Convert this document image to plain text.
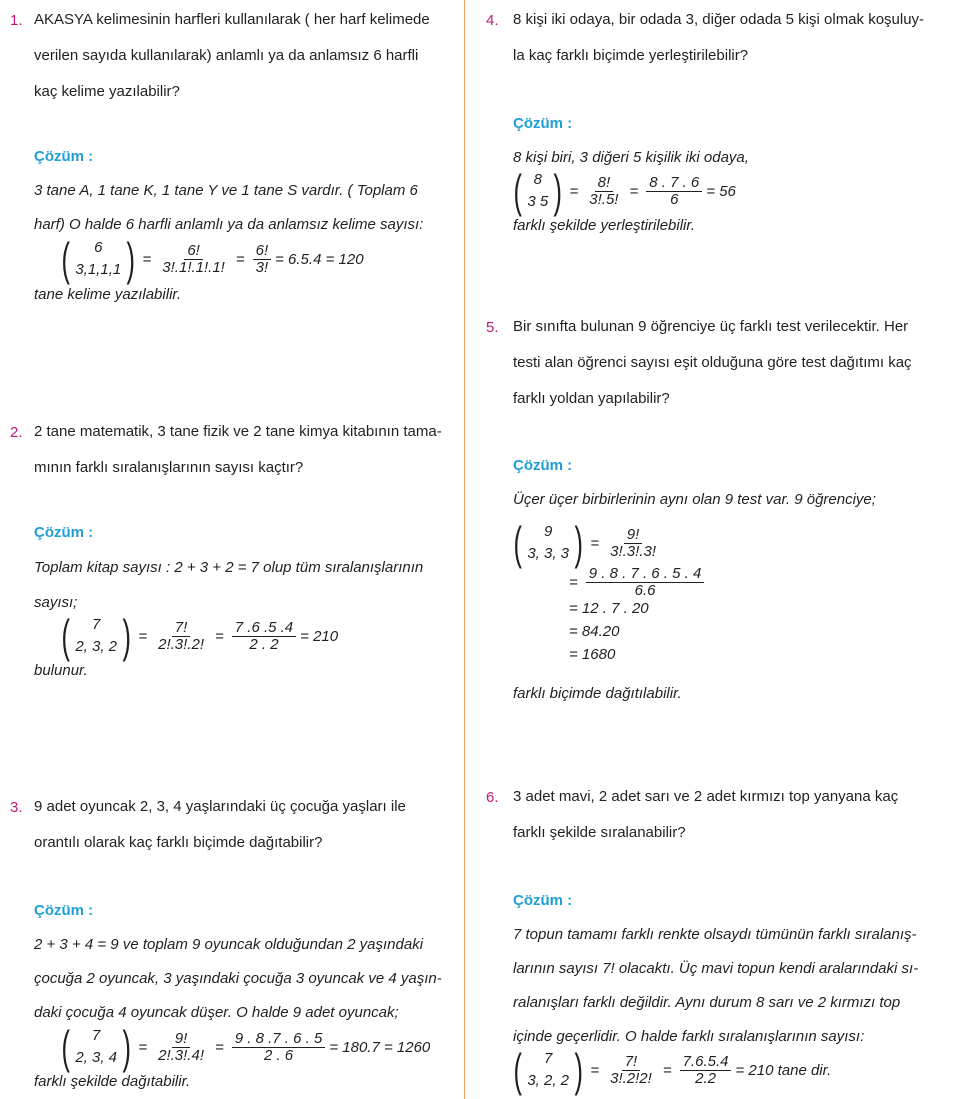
1. AKASYA kelimesinin harfleri kullanılarak ( her harf kelimede
verilen sayıda kullanılarak) anlamlı ya da anlamsız 6 harfli
kaç kelime yazılabilir?
Çözüm :
3 tane A, 1 tane K, 1 tane Y ve 1 tane S vardır. ( Toplam 6
harf) O halde 6 harfli anlamlı ya da anlamsız kelime sayısı:
( 6
3,1,1,1 ) = $\frac{6!}{3!.1!.1!.1!} = \frac{6!}{3!} = 6.5.4 = 120$
tane kelime yazılabilir.
2. 2 tane matematik, 3 tane fizik ve 2 tane kimya kitabının tama-
mının farklı sıralanışlarının sayısı kaçtır?
Çözüm :
Toplam kitap sayısı : 2 + 3 + 2 = 7 olup tüm sıralanışlarının
sayısı;
( 7
2, 3, 2 ) = $\frac{7!}{2!.3!.2!} = \frac{7 .6 .5 .4}{2 . 2} = 210$
bulunur.
3. 9 adet oyuncak 2, 3, 4 yaşlarındaki üç çocuğa yaşları ile
orantılı olarak kaç farklı biçimde dağıtabilir?
Çözüm :
2 + 3 + 4 = 9 ve toplam 9 oyuncak olduğundan 2 yaşındaki
çocuğa 2 oyuncak, 3 yaşındaki çocuğa 3 oyuncak ve 4 yaşın-
daki çocuğa 4 oyuncak düşer. O halde 9 adet oyuncak;
( 7
2, 3, 4 ) = $\frac{9!}{2!.3!.4!} = \frac{9 . 8 .7 . 6 . 5}{2 . 6} = 180.7 = 1260$
farklı şekilde dağıtabilir.
4. 8 kişi iki odaya, bir odada 3, diğer odada 5 kişi olmak koşuluy-
la kaç farklı biçimde yerleştirilebilir?
Çözüm :
8 kişi biri, 3 diğeri 5 kişilik iki odaya,
( 8
3 5 ) = $\frac{8!}{3!.5!} = \frac{8 . 7 . 6}{6} = 56$
farklı şekilde yerleştirilebilir.
5. Bir sınıfta bulunan 9 öğrenciye üç farklı test verilecektir. Her
testi alan öğrenci sayısı eşit olduğuna göre test dağıtımı kaç
farklı yoldan yapılabilir?
Çözüm :
Üçer üçer birbirlerinin aynı olan 9 test var. 9 öğrenciye;
( 9
3, 3, 3 ) = $\frac{9!}{3!.3!.3!}$
= $\frac{9 . 8 . 7 . 6 . 5 . 4}{6.6}$
= 12 . 7 . 20
= 84.20
= 1680
farklı biçimde dağıtılabilir.
6. 3 adet mavi, 2 adet sarı ve 2 adet kırmızı top yanyana kaç
farklı şekilde sıralanabilir?
Çözüm :
7 topun tamamı farklı renkte olsaydı tümünün farklı sıralanış-
larının sayısı 7! olacaktı. Üç mavi topun kendi aralarındaki sı-
ralanışları farklı değildir. Aynı durum 8 sarı ve 2 kırmızı top
içinde geçerlidir. O halde farklı sıralanışlarının sayısı:
( 7
3, 2, 2 ) = $\frac{7!}{3!.2!2!} = \frac{7.6.5.4}{2.2} = 210$ tane dir.
